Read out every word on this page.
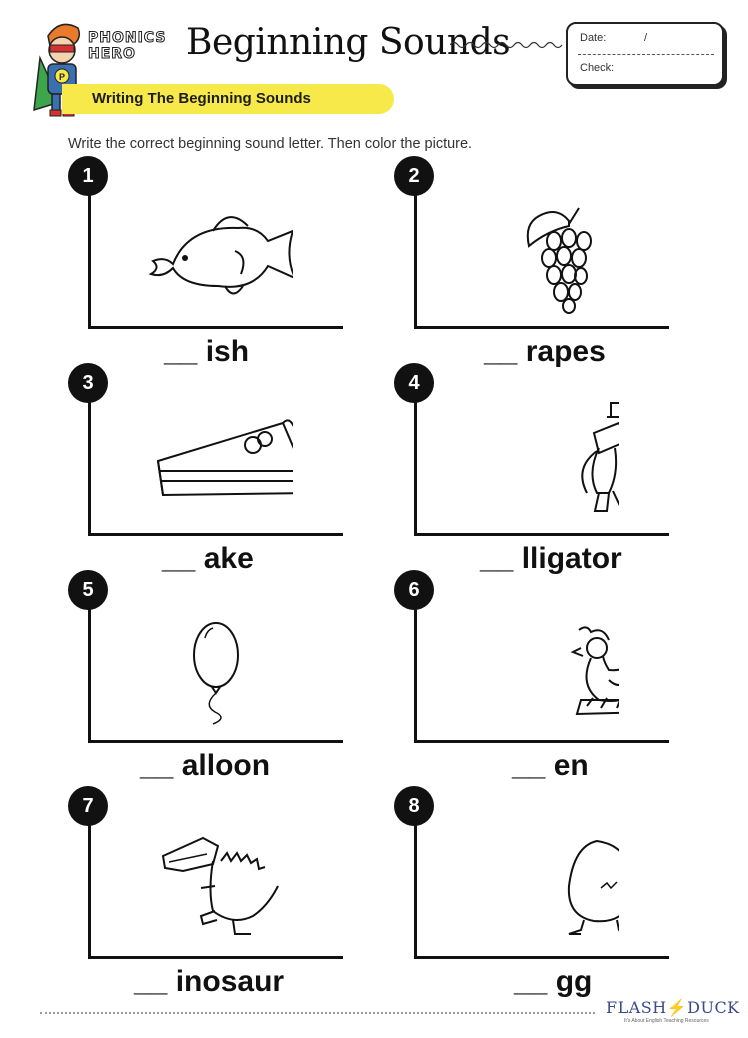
P
PHONICS
HERO	Beginning Sounds	Date:	/
Check:
Writing The Beginning Sounds
Write the correct beginning sound letter. Then color the picture.
1
__ ish
2
__ rapes
3
__ ake
4
__ lligator
5
__ alloon
6
__ en
7
__ inosaur
8
__ gg
FLASH⚡DUCK
It's About English Teaching Resources
